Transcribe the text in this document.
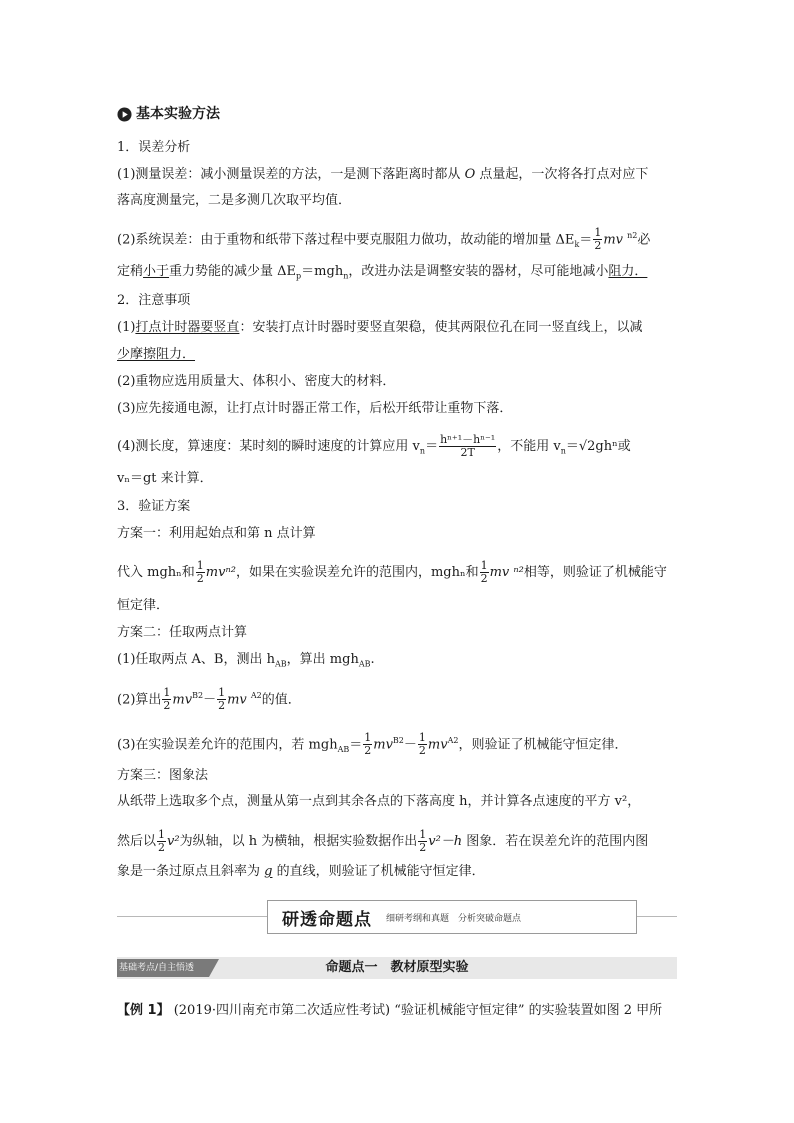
基本实验方法
1．误差分析
(1)测量误差：减小测量误差的方法，一是测下落距离时都从 O 点量起，一次将各打点对应下
落高度测量完，二是多测几次取平均值．
(2)系统误差：由于重物和纸带下落过程中要克服阻力做功，故动能的增加量 $\Delta E_k= \frac{1}{2}$ mv $^{n2}$必
定稍小于重力势能的减少量 $\Delta E_p=mgh_n$，改进办法是调整安装的器材，尽可能地减小阻力．
2．注意事项
(1)打点计时器要竖直：安装打点计时器时要竖直架稳，使其两限位孔在同一竖直线上，以减
少摩擦阻力．
(2)重物应选用质量大、体积小、密度大的材料．
(3)应先接通电源，让打点计时器正常工作，后松开纸带让重物下落．
(4)测长度，算速度：某时刻的瞬时速度的计算应用 $v_n= \frac{\text{hⁿ⁺¹－hⁿ⁻¹}}{2T}$ ，不能用 $v_n=√2gh^n$或
vₙ＝gt 来计算．
3．验证方案
方案一：利用起始点和第 n 点计算
代入 mghₙ和 $\frac{1}{2} mv^{n2}$，如果在实验误差允许的范围内，mghₙ和 $\frac{1}{2}$ mv ⁿ²相等，则验证了机械能守
恒定律．
方案二：任取两点计算
(1)任取两点 A、B，测出 $h_{AB}$，算出 mgh$_{AB}$.
(2)算出 $\frac{1}{2} mv^{B2}- \frac{1}{2}$ mv $^{A2}$的值．
(3)在实验误差允许的范围内，若 $mgh_{AB}= \frac{1}{2} mv^{B2}- \frac{1}{2} mv^{A2}$，则验证了机械能守恒定律．
方案三：图象法
从纸带上选取多个点，测量从第一点到其余各点的下落高度 h，并计算各点速度的平方 v²，
然后以 $\frac{1}{2} v^2$为纵轴，以 h 为横轴，根据实验数据作出 $\frac{1}{2} v^2-h$ 图象．若在误差允许的范围内图
象是一条过原点且斜率为 g 的直线，则验证了机械能守恒定律．
研透命题点 细研考纲和真题　分析突破命题点
命题点一　教材原型实验
基础考点/自主悟透
【例 1】 (2019·四川南充市第二次适应性考试) “验证机械能守恒定律” 的实验装置如图 2 甲所
